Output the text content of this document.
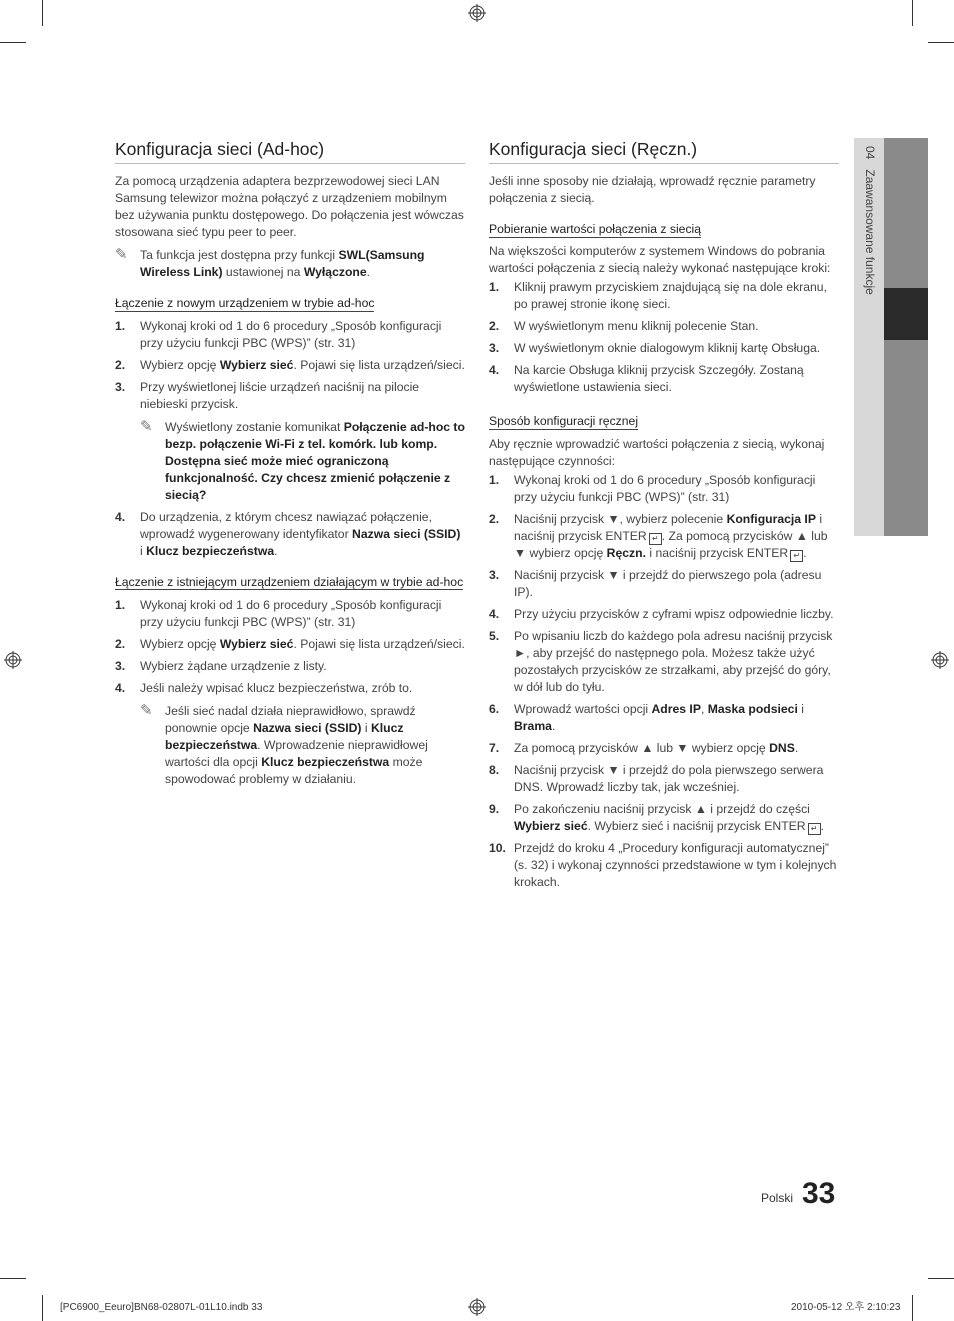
04   Zaawansowane funkcje
Konfiguracja sieci (Ad-hoc)

Za pomocą urządzenia adaptera bezprzewodowej sieci LAN Samsung telewizor można połączyć z urządzeniem mobilnym bez używania punktu dostępowego. Do połączenia jest wówczas stosowana sieć typu peer to peer.

✎ Ta funkcja jest dostępna przy funkcji SWL(Samsung Wireless Link) ustawionej na Wyłączone.
Łączenie z nowym urządzeniem w trybie ad-hoc
1. Wykonaj kroki od 1 do 6 procedury „Sposób konfiguracji przy użyciu funkcji PBC (WPS)” (str. 31)
2. Wybierz opcję Wybierz sieć. Pojawi się lista urządzeń/sieci.
3. Przy wyświetlonej liście urządzeń naciśnij na pilocie niebieski przycisk.
✎ Wyświetlony zostanie komunikat Połączenie ad-hoc to bezp. połączenie Wi-Fi z tel. komórk. lub komp. Dostępna sieć może mieć ograniczoną funkcjonalność. Czy chcesz zmienić połączenie z siecią?
4. Do urządzenia, z którym chcesz nawiązać połączenie, wprowadź wygenerowany identyfikator Nazwa sieci (SSID) i Klucz bezpieczeństwa.
Łączenie z istniejącym urządzeniem działającym w trybie ad-hoc
1. Wykonaj kroki od 1 do 6 procedury „Sposób konfiguracji przy użyciu funkcji PBC (WPS)” (str. 31)
2. Wybierz opcję Wybierz sieć. Pojawi się lista urządzeń/sieci.
3. Wybierz żądane urządzenie z listy.
4. Jeśli należy wpisać klucz bezpieczeństwa, zrób to.
✎ Jeśli sieć nadal działa nieprawidłowo, sprawdź ponownie opcje Nazwa sieci (SSID) i Klucz bezpieczeństwa. Wprowadzenie nieprawidłowej wartości dla opcji Klucz bezpieczeństwa może spowodować problemy w działaniu.
Konfiguracja sieci (Ręczn.)

Jeśli inne sposoby nie działają, wprowadź ręcznie parametry połączenia z siecią.

Pobieranie wartości połączenia z siecią

Na większości komputerów z systemem Windows do pobrania wartości połączenia z siecią należy wykonać następujące kroki:

1. Kliknij prawym przyciskiem znajdującą się na dole ekranu, po prawej stronie ikonę sieci.
2. W wyświetlonym menu kliknij polecenie Stan.
3. W wyświetlonym oknie dialogowym kliknij kartę Obsługa.
4. Na karcie Obsługa kliknij przycisk Szczegóły. Zostaną wyświetlone ustawienia sieci.
Sposób konfiguracji ręcznej

Aby ręcznie wprowadzić wartości połączenia z siecią, wykonaj następujące czynności:

1. Wykonaj kroki od 1 do 6 procedury „Sposób konfiguracji przy użyciu funkcji PBC (WPS)” (str. 31)
2. Naciśnij przycisk ▼, wybierz polecenie Konfiguracja IP i naciśnij przycisk ENTER ↵ . Za pomocą przycisków ▲ lub ▼ wybierz opcję Ręczn. i naciśnij przycisk ENTER ↵ .
3. Naciśnij przycisk ▼ i przejdź do pierwszego pola (adresu IP).
4. Przy użyciu przycisków z cyframi wpisz odpowiednie liczby.
5. Po wpisaniu liczb do każdego pola adresu naciśnij przycisk ►, aby przejść do następnego pola. Możesz także użyć pozostałych przycisków ze strzałkami, aby przejść do góry, w dół lub do tyłu.
6. Wprowadź wartości opcji Adres IP, Maska podsieci i Brama.
7. Za pomocą przycisków ▲ lub ▼ wybierz opcję DNS.
8. Naciśnij przycisk ▼ i przejdź do pola pierwszego serwera DNS. Wprowadź liczby tak, jak wcześniej.
9. Po zakończeniu naciśnij przycisk ▲ i przejdź do części Wybierz sieć. Wybierz sieć i naciśnij przycisk ENTER ↵ .
10. Przejdź do kroku 4 „Procedury konfiguracji automatycznej” (s. 32) i wykonaj czynności przedstawione w tym i kolejnych krokach.
Polski 33
[PC6900_Eeuro]BN68-02807L-01L10.indb 33	2010-05-12 오후 2:10:23
